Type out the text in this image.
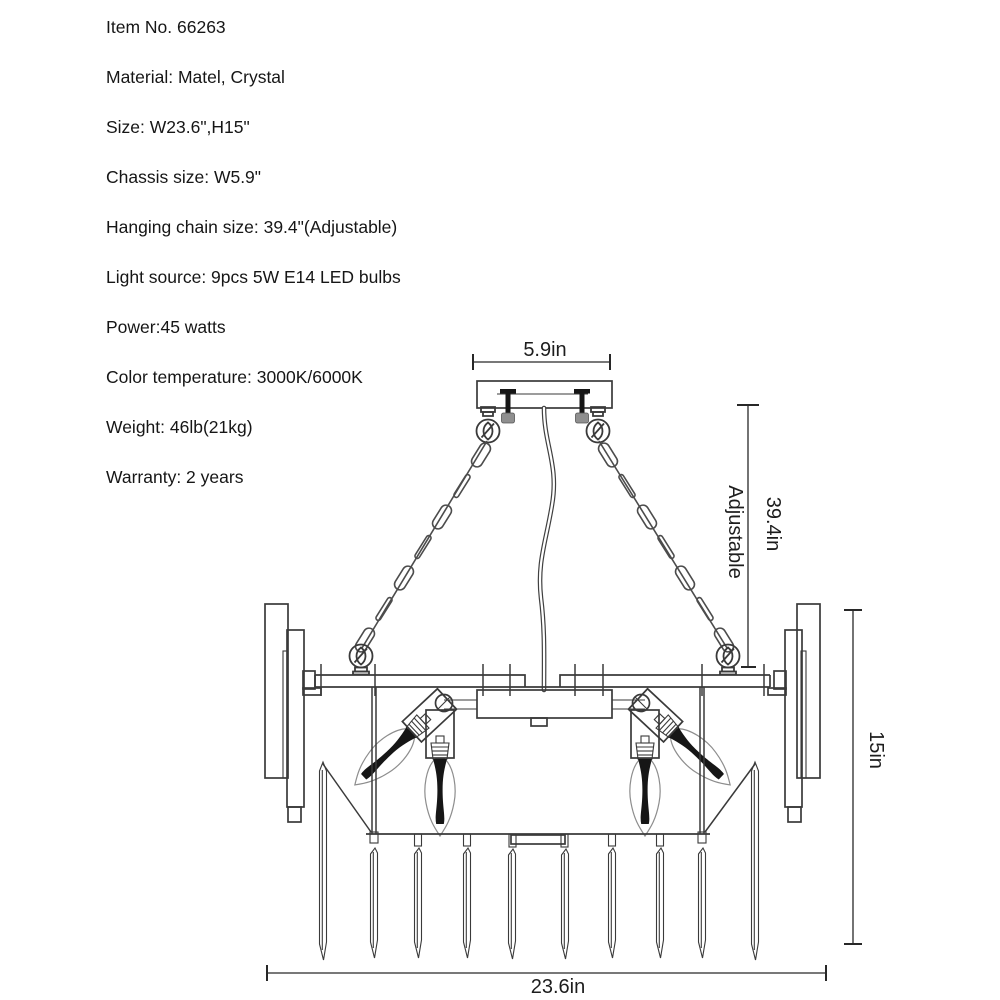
Item No. 66263
Material: Matel, Crystal
Size: W23.6",H15"
Chassis size: W5.9"
Hanging chain size: 39.4"(Adjustable)
Light source: 9pcs 5W E14 LED bulbs
Power:45 watts
Color temperature: 3000K/6000K
Weight: 46lb(21kg)
Warranty: 2 years
5.9in
Adjustable 39.4in
15in
23.6in
